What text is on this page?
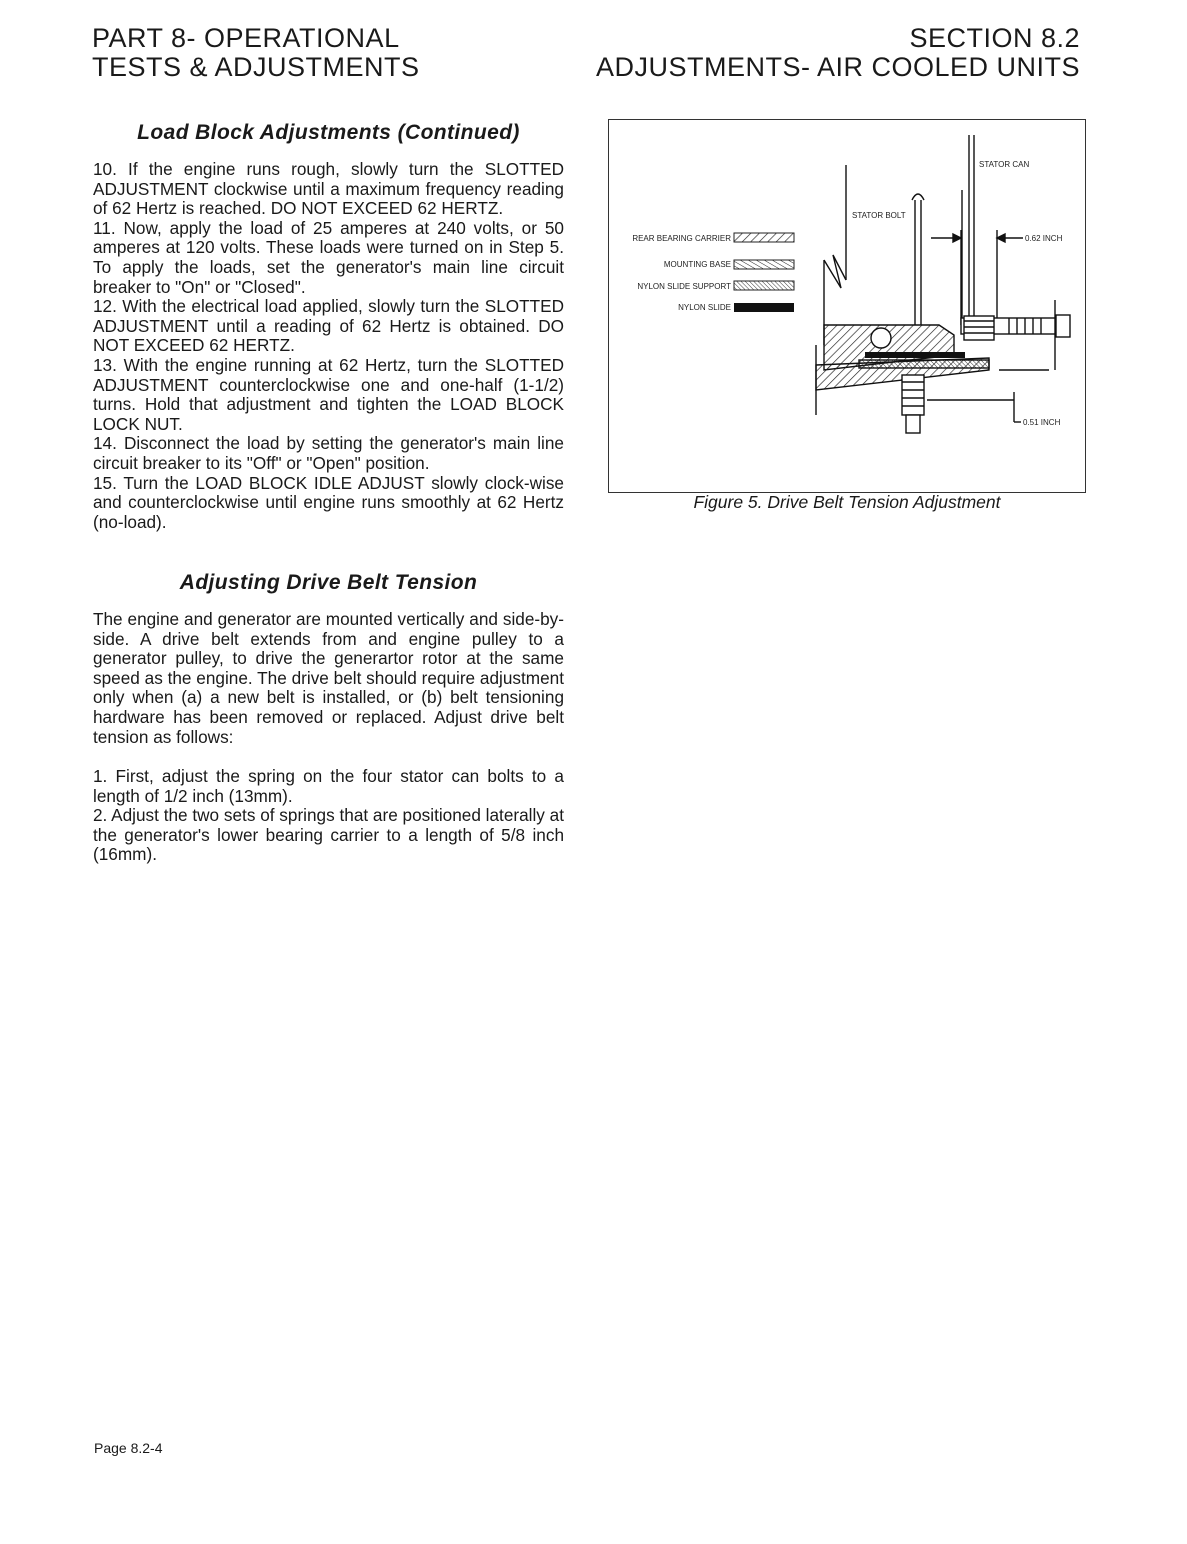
PART 8- OPERATIONAL
TESTS & ADJUSTMENTS
SECTION 8.2
ADJUSTMENTS- AIR COOLED UNITS
Load Block Adjustments (Continued)

10. If the engine runs rough, slowly turn the SLOTTED ADJUSTMENT clockwise until a maximum frequency reading of 62 Hertz is reached. DO NOT EXCEED 62 HERTZ.

11. Now, apply the load of 25 amperes at 240 volts, or 50 amperes at 120 volts. These loads were turned on in Step 5. To apply the loads, set the generator's main line circuit breaker to "On" or "Closed".

12. With the electrical load applied, slowly turn the SLOTTED ADJUSTMENT until a reading of 62 Hertz is obtained. DO NOT EXCEED 62 HERTZ.

13. With the engine running at 62 Hertz, turn the SLOTTED ADJUSTMENT counterclockwise one and one-half (1-1/2) turns. Hold that adjustment and tighten the LOAD BLOCK LOCK NUT.

14. Disconnect the load by setting the generator's main line circuit breaker to its "Off" or "Open" position.

15. Turn the LOAD BLOCK IDLE ADJUST slowly clock-wise and counterclockwise until engine runs smoothly at 62 Hertz (no-load).

Adjusting Drive Belt Tension

The engine and generator are mounted vertically and side-by-side. A drive belt extends from and engine pulley to a generator pulley, to drive the generartor rotor at the same speed as the engine. The drive belt should require adjustment only when (a) a new belt is installed, or (b) belt tensioning hardware has been removed or replaced. Adjust drive belt tension as follows:

1. First, adjust the spring on the four stator can bolts to a length of 1/2 inch (13mm).

2. Adjust the two sets of springs that are positioned laterally at the generator's lower bearing carrier to a length of 5/8 inch (16mm).

REAR BEARING CARRIER
MOUNTING BASE
NYLON SLIDE SUPPORT
NYLON SLIDE
STATOR CAN
STATOR BOLT
0.62 INCH
0.51 INCH
Figure 5. Drive Belt Tension Adjustment
Page 8.2-4
